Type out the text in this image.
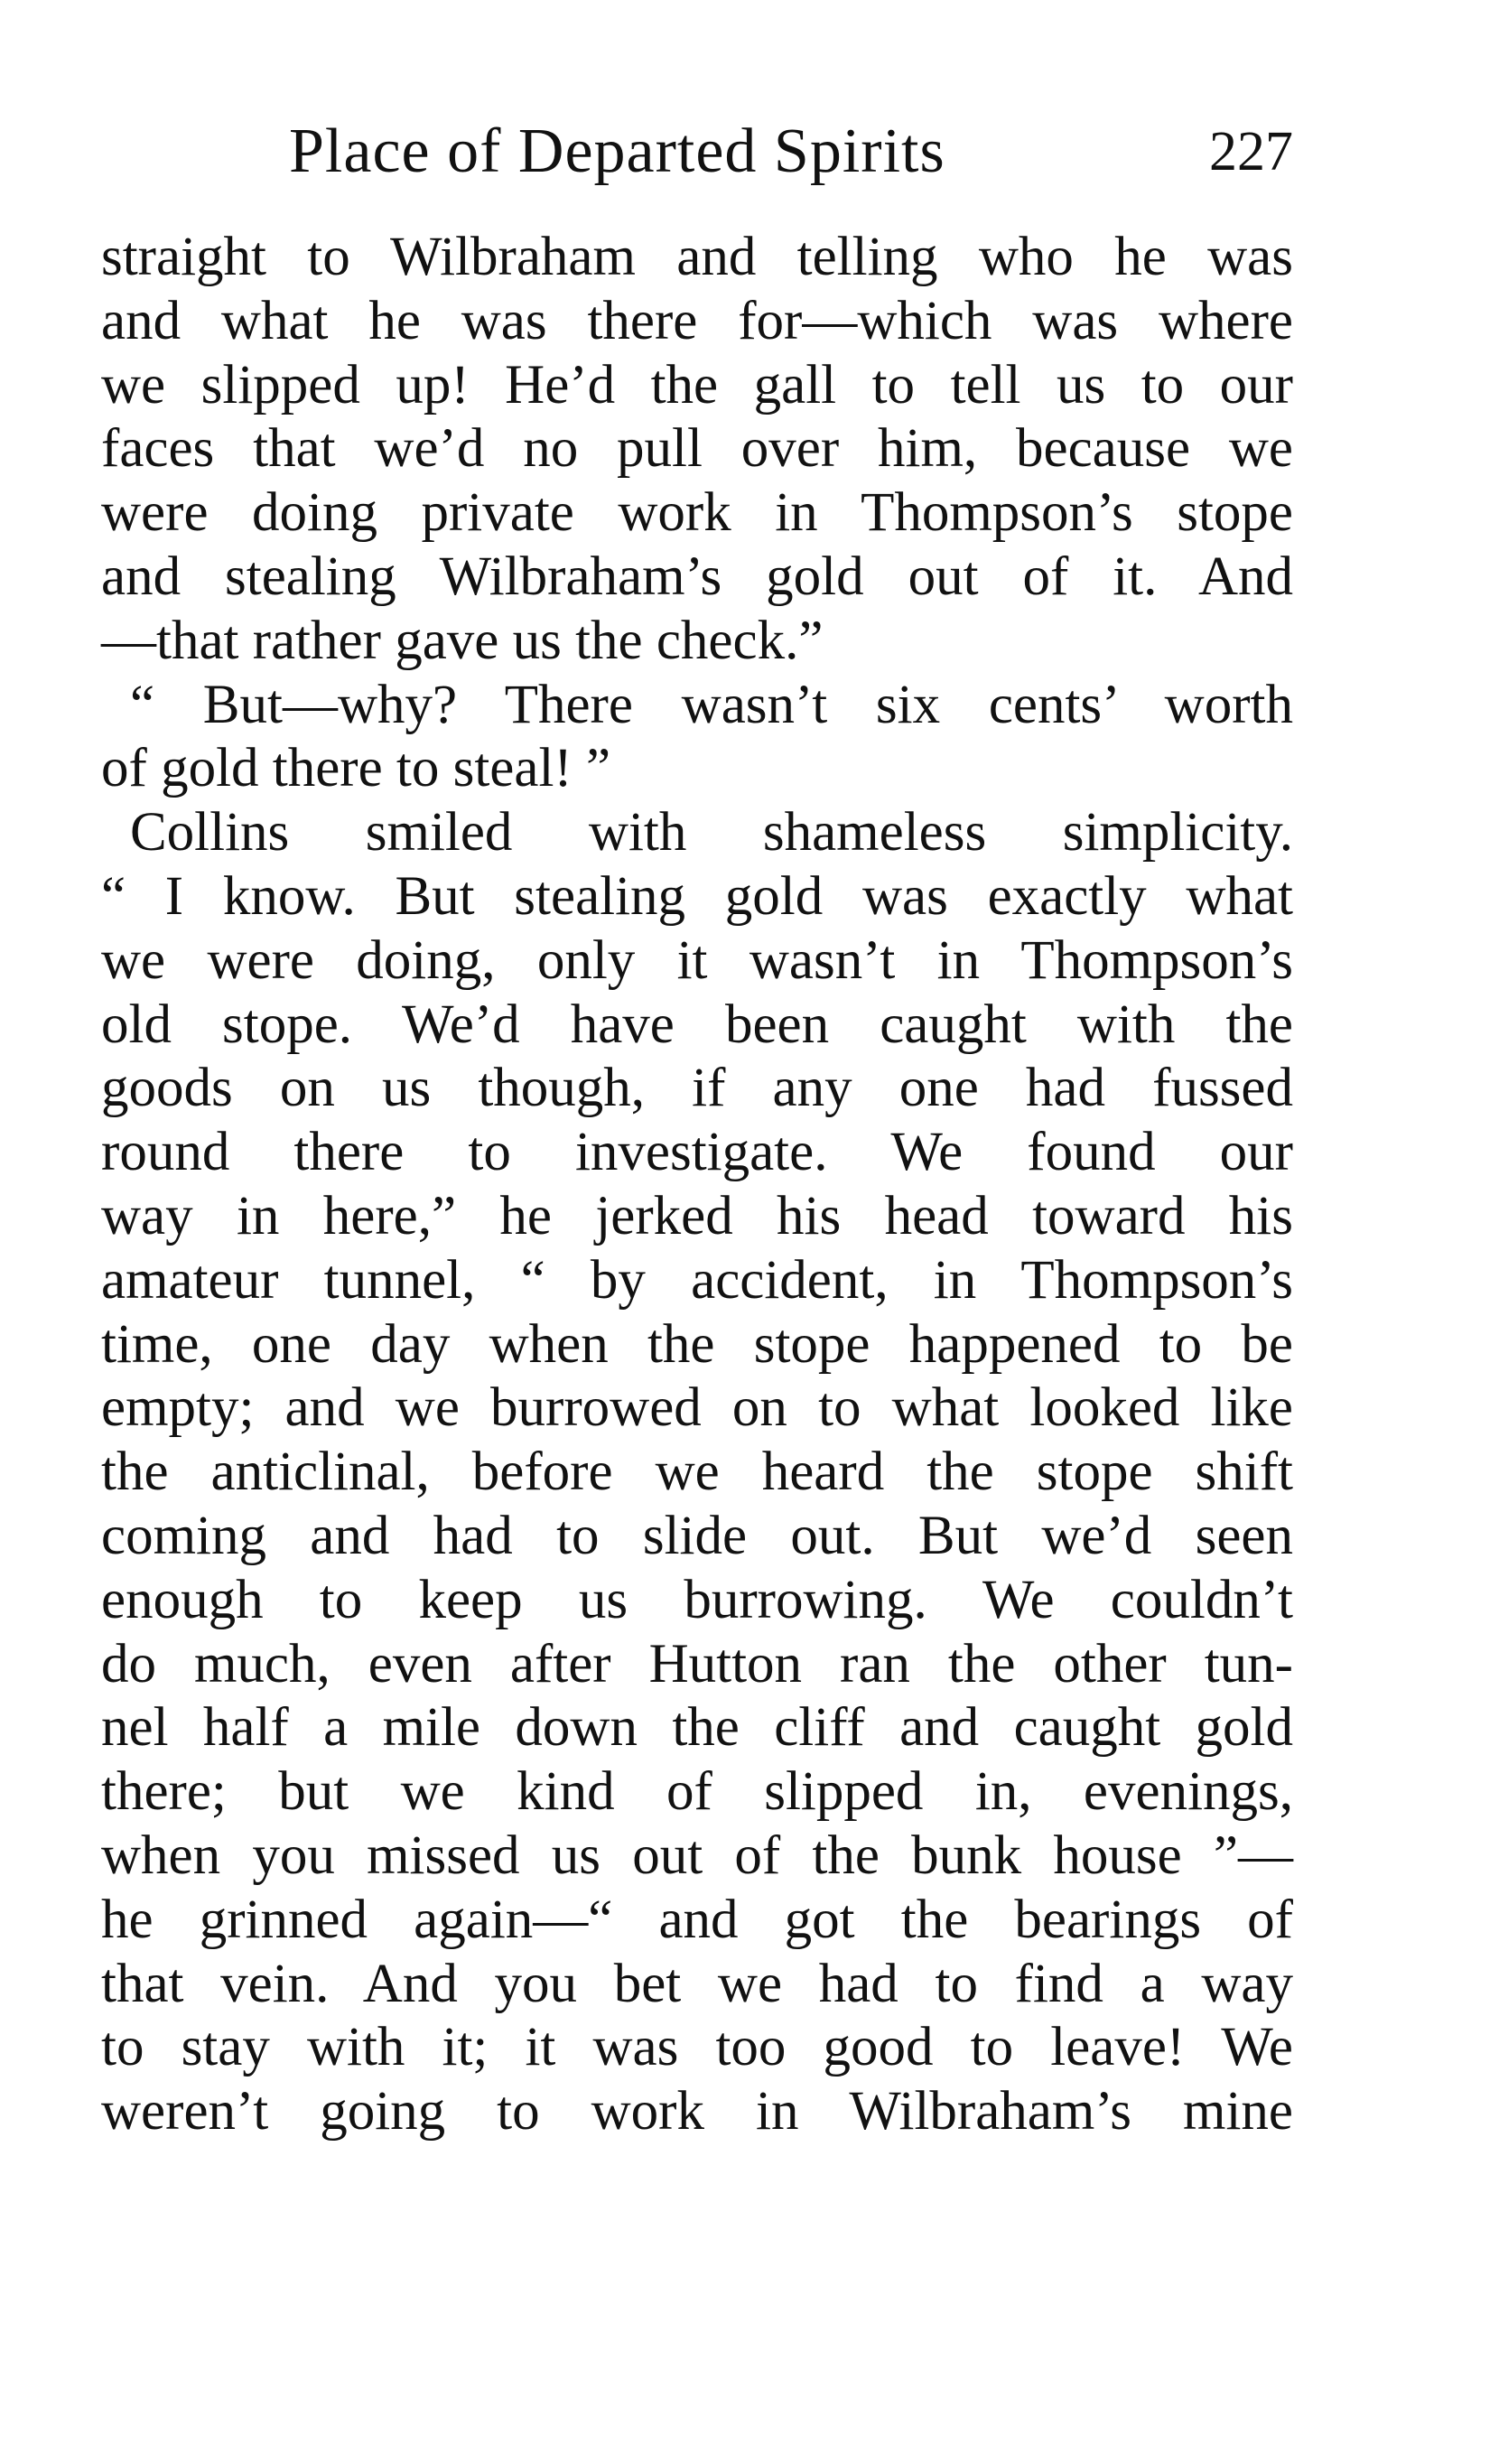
Place of Departed Spirits	227
straight to Wilbraham and telling who he was
and what he was there for—which was where
we slipped up! He’d the gall to tell us to our
faces that we’d no pull over him, because we
were doing private work in Thompson’s stope
and stealing Wilbraham’s gold out of it. And
—that rather gave us the check.”
“ But—why? There wasn’t six cents’ worth
of gold there to steal! ”
Collins smiled with shameless simplicity.
“ I know. But stealing gold was exactly what
we were doing, only it wasn’t in Thompson’s
old stope. We’d have been caught with the
goods on us though, if any one had fussed
round there to investigate. We found our
way in here,” he jerked his head toward his
amateur tunnel, “ by accident, in Thompson’s
time, one day when the stope happened to be
empty; and we burrowed on to what looked like
the anticlinal, before we heard the stope shift
coming and had to slide out. But we’d seen
enough to keep us burrowing. We couldn’t
do much, even after Hutton ran the other tun-
nel half a mile down the cliff and caught gold
there; but we kind of slipped in, evenings,
when you missed us out of the bunk house ”—
he grinned again—“ and got the bearings of
that vein. And you bet we had to find a way
to stay with it; it was too good to leave! We
weren’t going to work in Wilbraham’s mine
